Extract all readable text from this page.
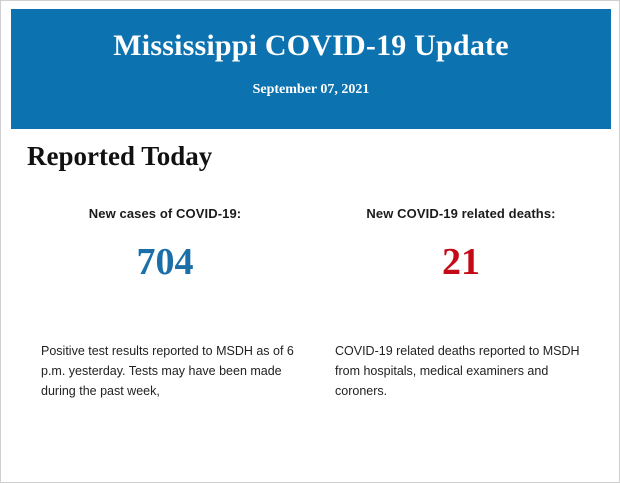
Mississippi COVID-19 Update

September 07, 2021

Reported Today
New cases of COVID-19:
704
Positive test results reported to MSDH as of 6 p.m. yesterday. Tests may have been made during the past week,
New COVID-19 related deaths:
21
COVID-19 related deaths reported to MSDH from hospitals, medical examiners and coroners.
